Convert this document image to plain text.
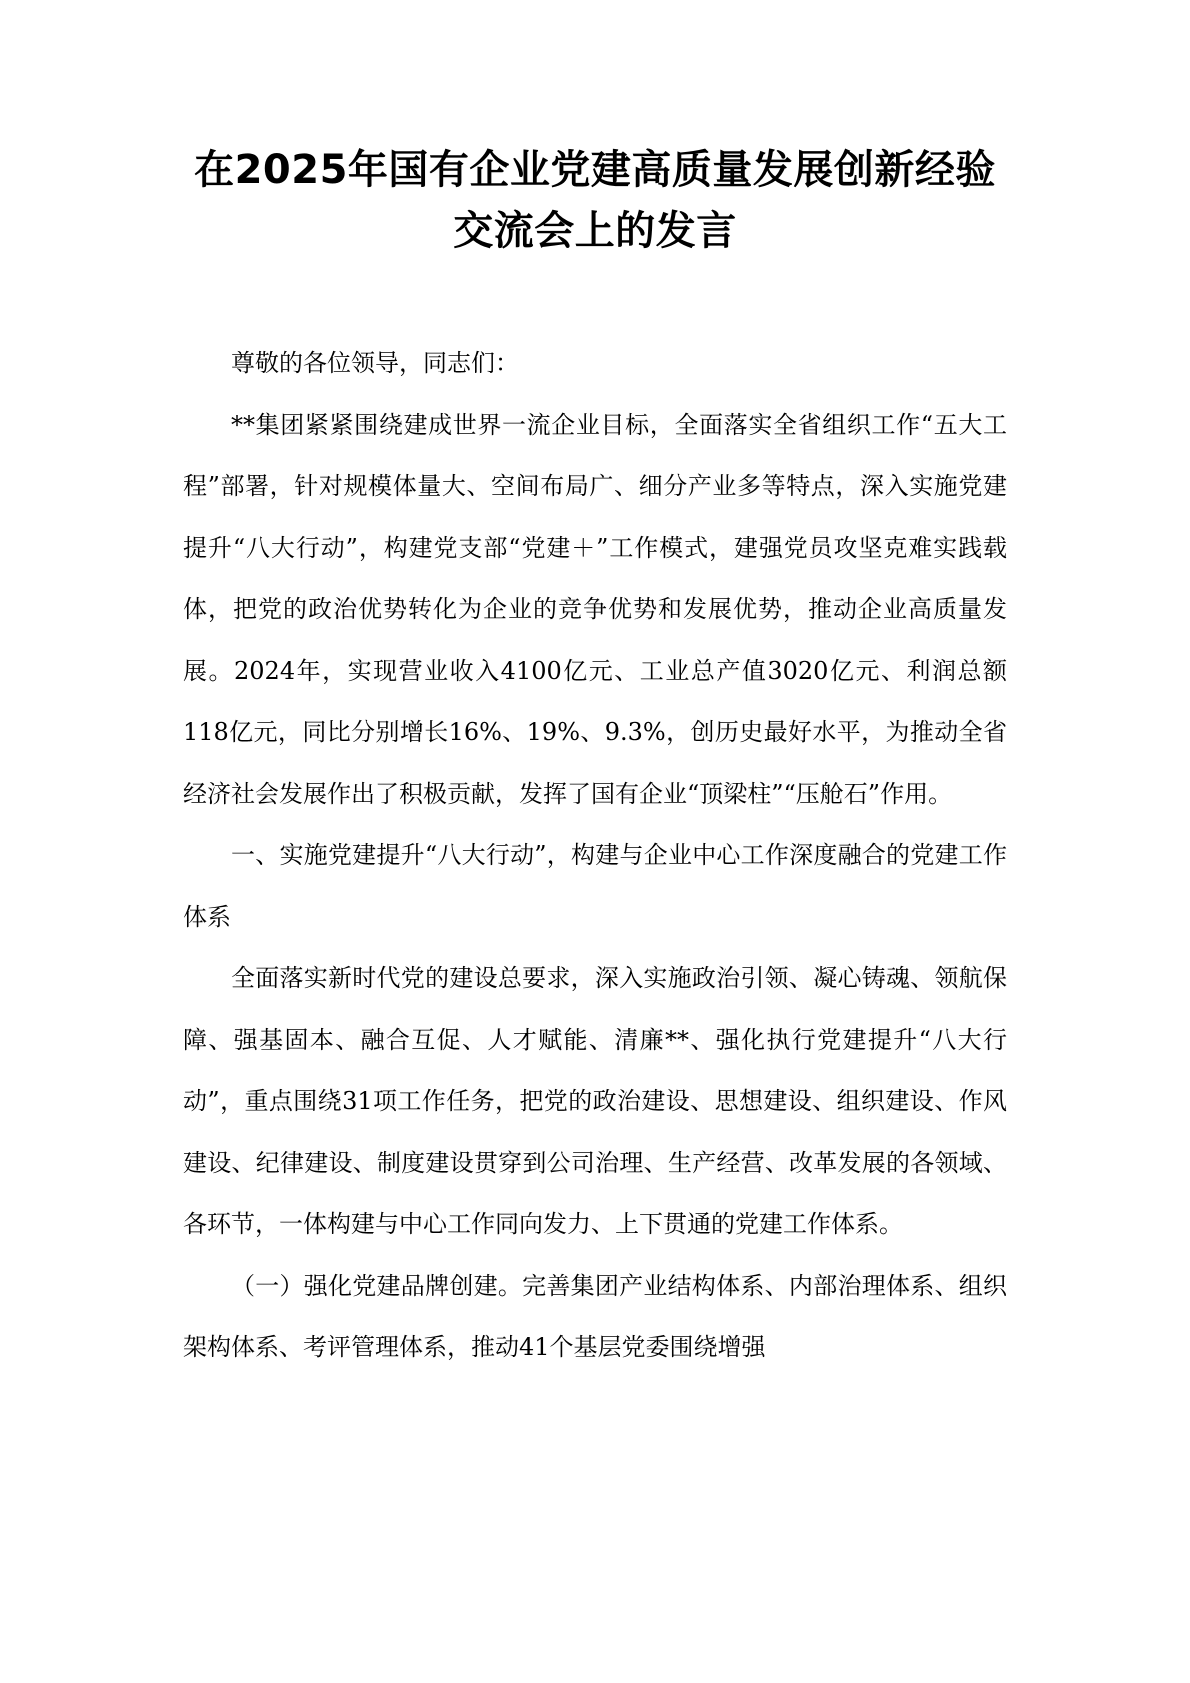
在2025年国有企业党建高质量发展创新经验交流会上的发言

尊敬的各位领导，同志们：

**集团紧紧围绕建成世界一流企业目标，全面落实全省组织工作“五大工程”部署，针对规模体量大、空间布局广、细分产业多等特点，深入实施党建提升“八大行动”，构建党支部“党建＋”工作模式，建强党员攻坚克难实践载体，把党的政治优势转化为企业的竞争优势和发展优势，推动企业高质量发展。2024年，实现营业收入4100亿元、工业总产值3020亿元、利润总额118亿元，同比分别增长16%、19%、9.3%，创历史最好水平，为推动全省经济社会发展作出了积极贡献，发挥了国有企业“顶梁柱”“压舱石”作用。

一、实施党建提升“八大行动”，构建与企业中心工作深度融合的党建工作体系

全面落实新时代党的建设总要求，深入实施政治引领、凝心铸魂、领航保障、强基固本、融合互促、人才赋能、清廉**、强化执行党建提升“八大行动”，重点围绕31项工作任务，把党的政治建设、思想建设、组织建设、作风建设、纪律建设、制度建设贯穿到公司治理、生产经营、改革发展的各领域、各环节，一体构建与中心工作同向发力、上下贯通的党建工作体系。

（一）强化党建品牌创建。完善集团产业结构体系、内部治理体系、组织架构体系、考评管理体系，推动41个基层党委围绕增强
